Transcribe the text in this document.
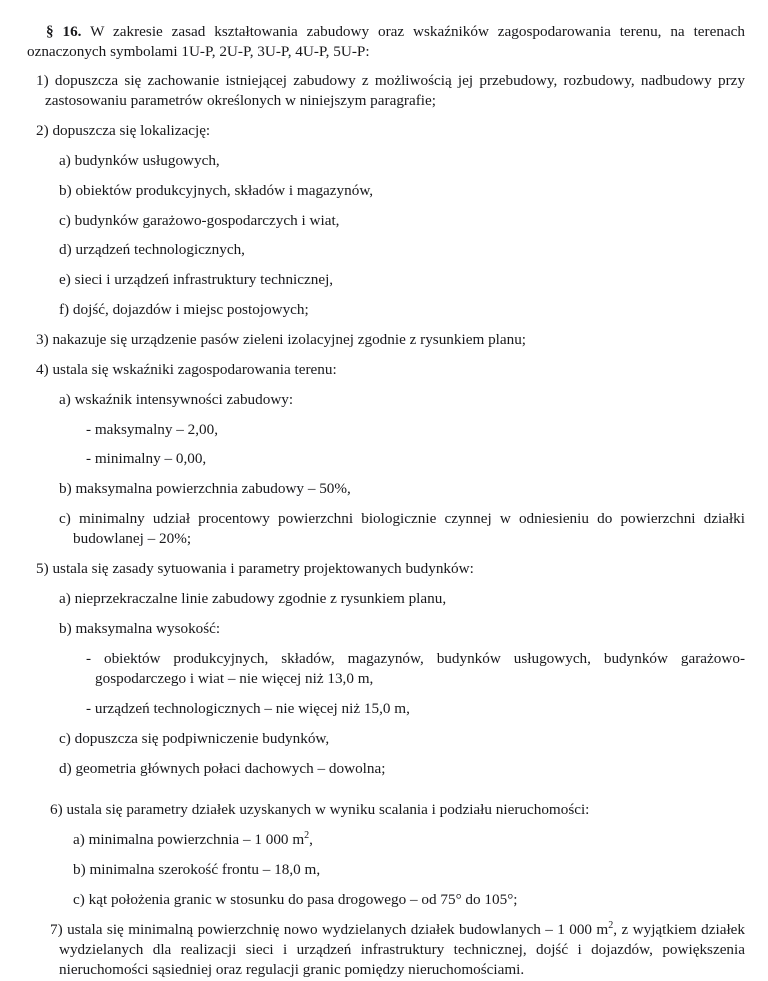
§ 16. W zakresie zasad kształtowania zabudowy oraz wskaźników zagospodarowania terenu, na terenach oznaczonych symbolami 1U-P, 2U-P, 3U-P, 4U-P, 5U-P:

1) dopuszcza się zachowanie istniejącej zabudowy z możliwością jej przebudowy, rozbudowy, nadbudowy przy zastosowaniu parametrów określonych w niniejszym paragrafie;

2) dopuszcza się lokalizację:

a) budynków usługowych,

b) obiektów produkcyjnych, składów i magazynów,

c) budynków garażowo-gospodarczych i wiat,

d) urządzeń technologicznych,

e) sieci i urządzeń infrastruktury technicznej,

f) dojść, dojazdów i miejsc postojowych;

3) nakazuje się urządzenie pasów zieleni izolacyjnej zgodnie z rysunkiem planu;

4) ustala się wskaźniki zagospodarowania terenu:

a) wskaźnik intensywności zabudowy:

- maksymalny – 2,00,

- minimalny – 0,00,

b) maksymalna powierzchnia zabudowy – 50%,

c) minimalny udział procentowy powierzchni biologicznie czynnej w odniesieniu do powierzchni działki budowlanej – 20%;

5) ustala się zasady sytuowania i parametry projektowanych budynków:

a) nieprzekraczalne linie zabudowy zgodnie z rysunkiem planu,

b) maksymalna wysokość:

- obiektów produkcyjnych, składów, magazynów, budynków usługowych, budynków garażowo-gospodarczego i wiat – nie więcej niż 13,0 m,

- urządzeń technologicznych – nie więcej niż 15,0 m,

c) dopuszcza się podpiwniczenie budynków,

d) geometria głównych połaci dachowych – dowolna;

6) ustala się parametry działek uzyskanych w wyniku scalania i podziału nieruchomości:

a) minimalna powierzchnia – 1 000 $m^2$,

b) minimalna szerokość frontu – 18,0 m,

c) kąt położenia granic w stosunku do pasa drogowego – od 75° do 105°;

7) ustala się minimalną powierzchnię nowo wydzielanych działek budowlanych – 1 000 $m^2$, z wyjątkiem działek wydzielanych dla realizacji sieci i urządzeń infrastruktury technicznej, dojść i dojazdów, powiększenia nieruchomości sąsiedniej oraz regulacji granic pomiędzy nieruchomościami.
